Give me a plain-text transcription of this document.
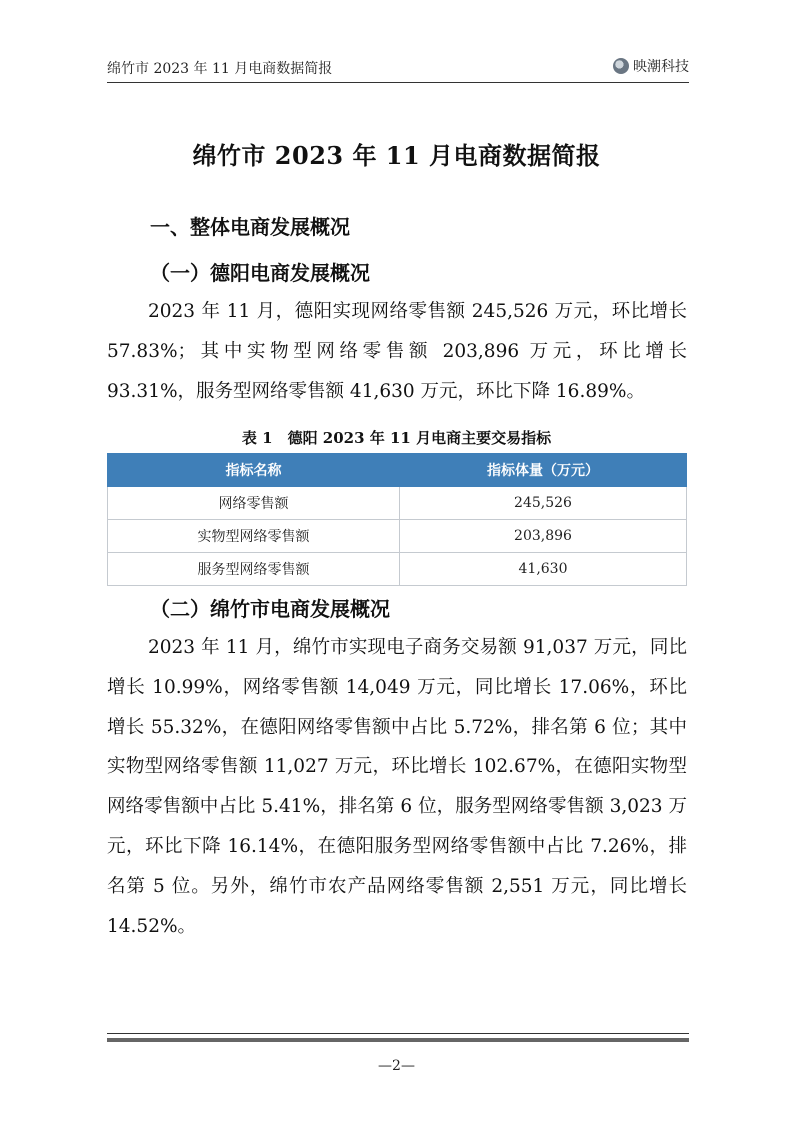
绵竹市 2023 年 11 月电商数据简报	映潮科技
绵竹市 2023 年 11 月电商数据简报
一、整体电商发展概况
（一）德阳电商发展概况
2023 年 11 月，德阳实现网络零售额 245,526 万元，环比增长 57.83%；其中实物型网络零售额 203,896 万元，环比增长 93.31%，服务型网络零售额 41,630 万元，环比下降 16.89%。
表 1　德阳 2023 年 11 月电商主要交易指标
指标名称	指标体量（万元）
网络零售额	245,526
实物型网络零售额	203,896
服务型网络零售额	41,630
（二）绵竹市电商发展概况
2023 年 11 月，绵竹市实现电子商务交易额 91,037 万元，同比增长 10.99%，网络零售额 14,049 万元，同比增长 17.06%，环比增长 55.32%，在德阳网络零售额中占比 5.72%，排名第 6 位；其中实物型网络零售额 11,027 万元，环比增长 102.67%，在德阳实物型网络零售额中占比 5.41%，排名第 6 位，服务型网络零售额 3,023 万元，环比下降 16.14%，在德阳服务型网络零售额中占比 7.26%，排名第 5 位。另外，绵竹市农产品网络零售额 2,551 万元，同比增长 14.52%。
—2—
